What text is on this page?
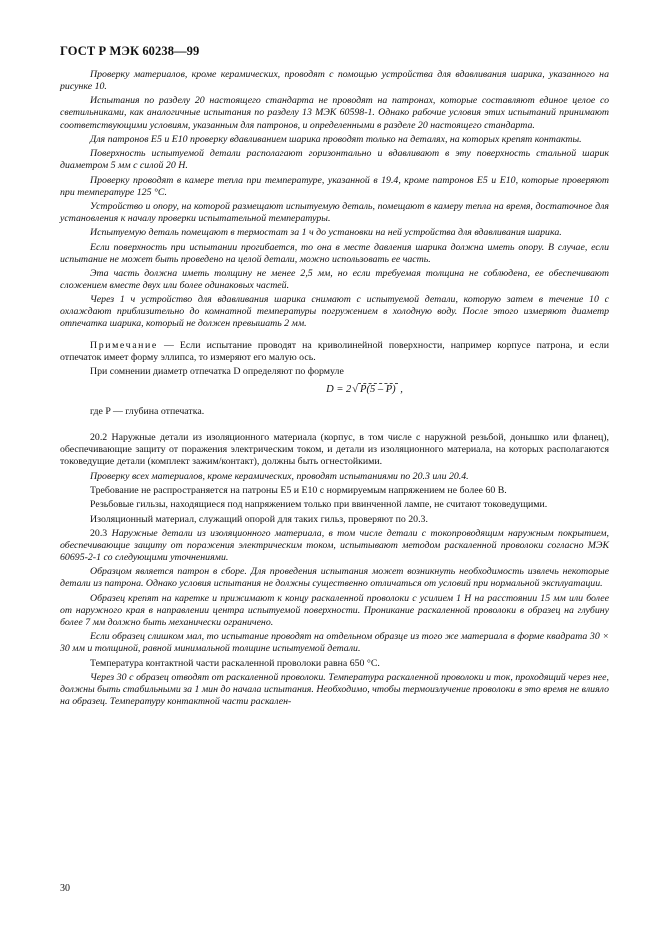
ГОСТ Р МЭК 60238—99

Проверку материалов, кроме керамических, проводят с помощью устройства для вдавливания шарика, указанного на рисунке 10.

Испытания по разделу 20 настоящего стандарта не проводят на патронах, которые составляют единое целое со светильниками, как аналогичные испытания по разделу 13 МЭК 60598-1. Однако рабочие условия этих испытаний принимают соответствующими условиям, указанным для патронов, и определенными в разделе 20 настоящего стандарта.

Для патронов Е5 и Е10 проверку вдавливанием шарика проводят только на деталях, на которых крепят контакты.

Поверхность испытуемой детали располагают горизонтально и вдавливают в эту поверхность стальной шарик диаметром 5 мм с силой 20 Н.

Проверку проводят в камере тепла при температуре, указанной в 19.4, кроме патронов Е5 и Е10, которые проверяют при температуре 125 °С.

Устройство и опору, на которой размещают испытуемую деталь, помещают в камеру тепла на время, достаточное для установления к началу проверки испытательной температуры.

Испытуемую деталь помещают в термостат за 1 ч до установки на ней устройства для вдавливания шарика.

Если поверхность при испытании прогибается, то она в месте давления шарика должна иметь опору. В случае, если испытание не может быть проведено на целой детали, можно использовать ее часть.

Эта часть должна иметь толщину не менее 2,5 мм, но если требуемая толщина не соблюдена, ее обеспечивают сложением вместе двух или более одинаковых частей.

Через 1 ч устройство для вдавливания шарика снимают с испытуемой детали, которую затем в течение 10 с охлаждают приблизительно до комнатной температуры погружением в холодную воду. После этого измеряют диаметр отпечатка шарика, который не должен превышать 2 мм.

Примечание — Если испытание проводят на криволинейной поверхности, например корпусе патрона, и если отпечаток имеет форму эллипса, то измеряют его малую ось.

При сомнении диаметр отпечатка D определяют по формуле

D = 2√ P(5 – P) ,

где P — глубина отпечатка.

20.2 Наружные детали из изоляционного материала (корпус, в том числе с наружной резьбой, донышко или фланец), обеспечивающие защиту от поражения электрическим током, и детали из изоляционного материала, на которых располагаются токоведущие детали (комплект зажим/контакт), должны быть огнестойкими.

Проверку всех материалов, кроме керамических, проводят испытаниями по 20.3 или 20.4.

Требование не распространяется на патроны Е5 и Е10 с нормируемым напряжением не более 60 В.

Резьбовые гильзы, находящиеся под напряжением только при ввинченной лампе, не считают токоведущими.

Изоляционный материал, служащий опорой для таких гильз, проверяют по 20.3.

20.3 Наружные детали из изоляционного материала, в том числе детали с токопроводящим наружным покрытием, обеспечивающие защиту от поражения электрическим током, испытывают методом раскаленной проволоки согласно МЭК 60695-2-1 со следующими уточнениями.

Образцом является патрон в сборе. Для проведения испытания может возникнуть необходимость извлечь некоторые детали из патрона. Однако условия испытания не должны существенно отличаться от условий при нормальной эксплуатации.

Образец крепят на каретке и прижимают к концу раскаленной проволоки с усилием 1 Н на расстоянии 15 мм или более от наружного края в направлении центра испытуемой поверхности. Проникание раскаленной проволоки в образец на глубину более 7 мм должно быть механически ограничено.

Если образец слишком мал, то испытание проводят на отдельном образце из того же материала в форме квадрата 30 × 30 мм и толщиной, равной минимальной толщине испытуемой детали.

Температура контактной части раскаленной проволоки равна 650 °С.

Через 30 с образец отводят от раскаленной проволоки. Температура раскаленной проволоки и ток, проходящий через нее, должны быть стабильными за 1 мин до начала испытания. Необходимо, чтобы термоизлучение проволоки в это время не влияло на образец. Температуру контактной части раскален-

30
